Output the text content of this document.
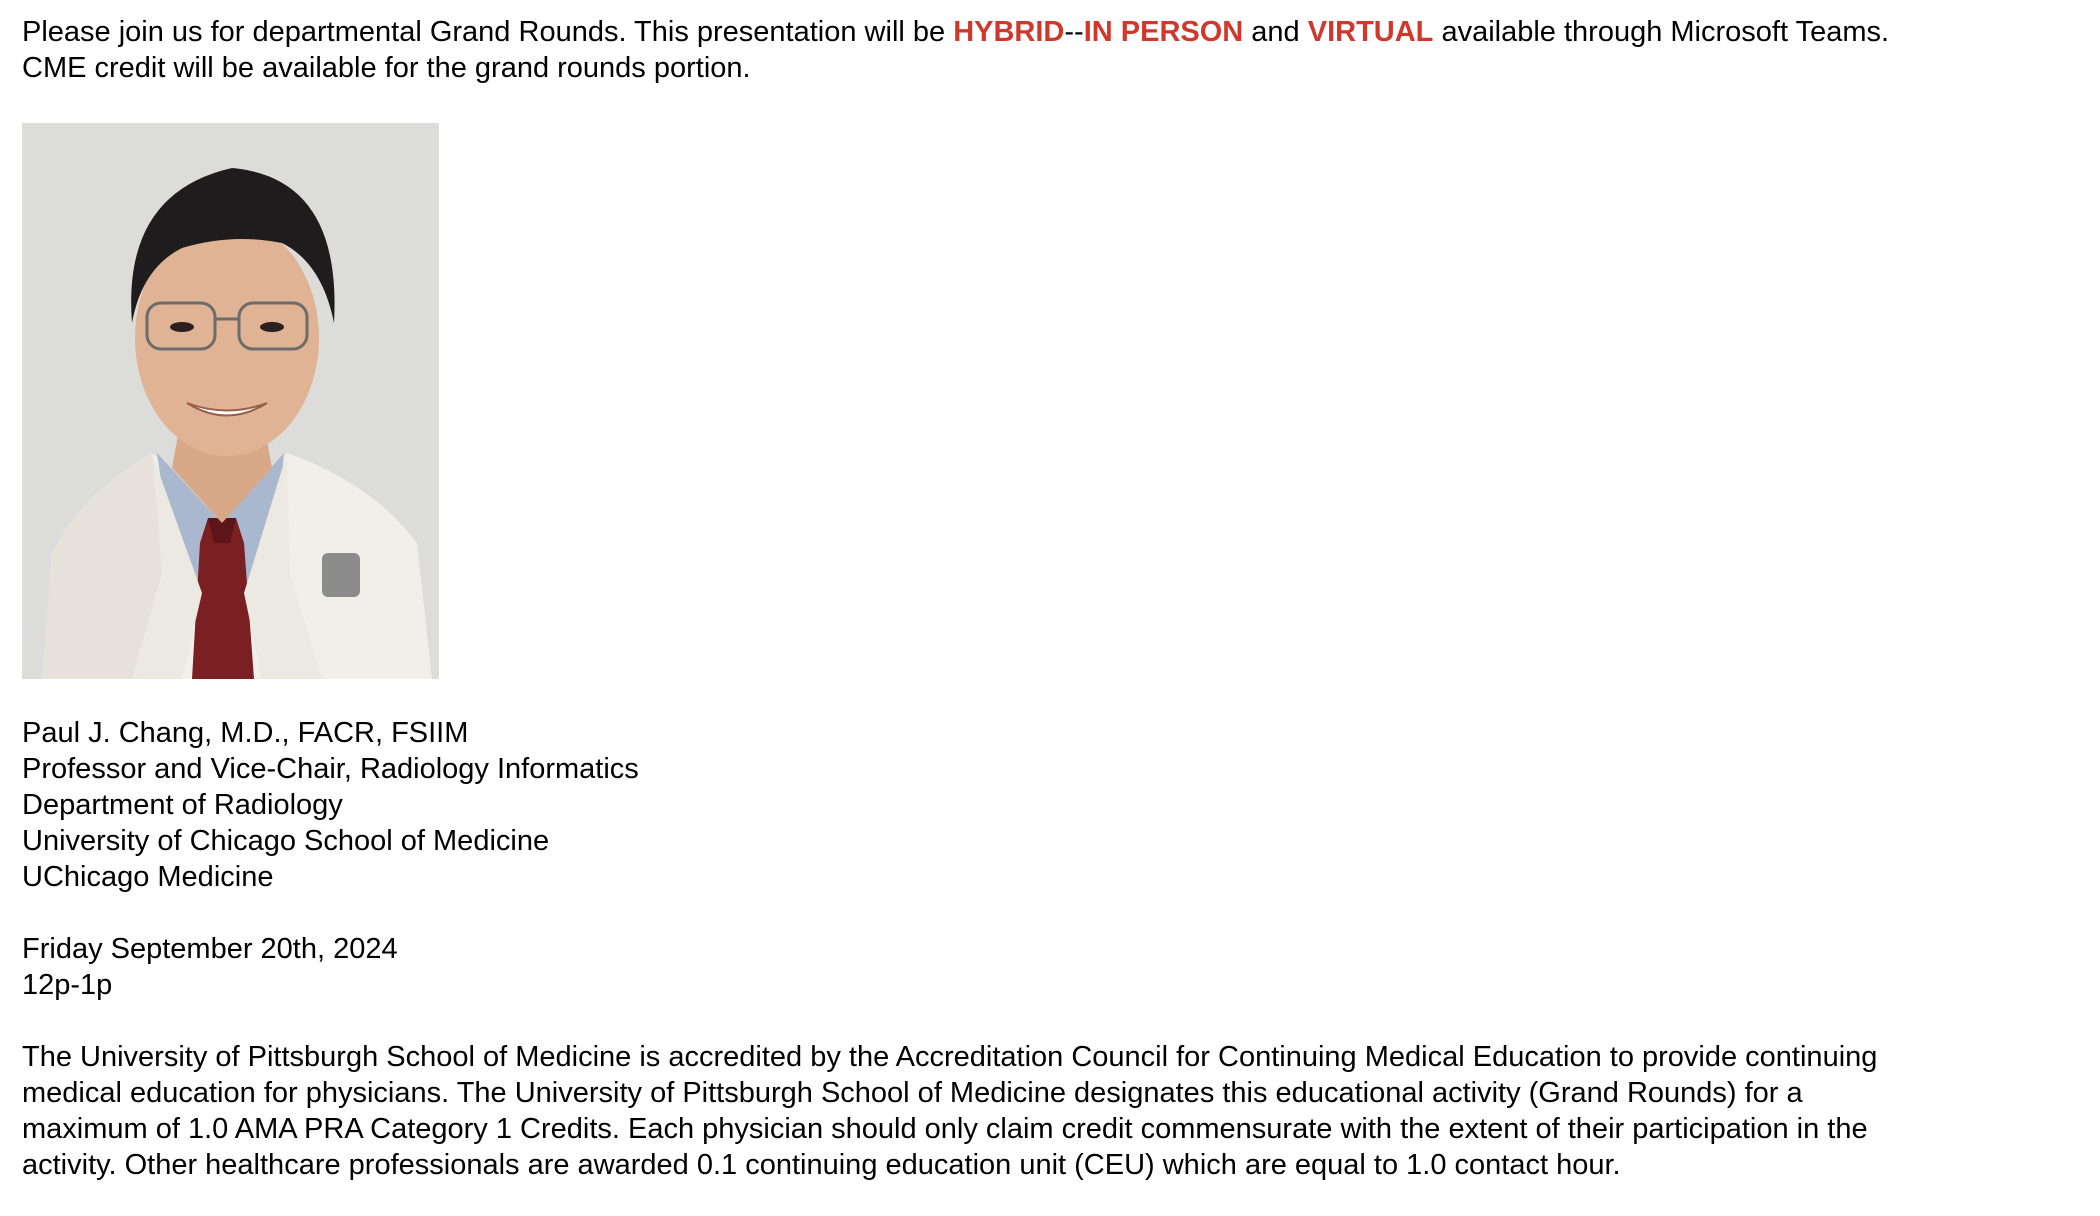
Please join us for departmental Grand Rounds. This presentation will be HYBRID--IN PERSON and VIRTUAL available through Microsoft Teams.
CME credit will be available for the grand rounds portion.
Paul J. Chang, M.D., FACR, FSIIM
Professor and Vice-Chair, Radiology Informatics
Department of Radiology
University of Chicago School of Medicine
UChicago Medicine
Friday September 20th, 2024
12p-1p
The University of Pittsburgh School of Medicine is accredited by the Accreditation Council for Continuing Medical Education to provide continuing
medical education for physicians. The University of Pittsburgh School of Medicine designates this educational activity (Grand Rounds) for a
maximum of 1.0 AMA PRA Category 1 Credits. Each physician should only claim credit commensurate with the extent of their participation in the
activity. Other healthcare professionals are awarded 0.1 continuing education unit (CEU) which are equal to 1.0 contact hour.
